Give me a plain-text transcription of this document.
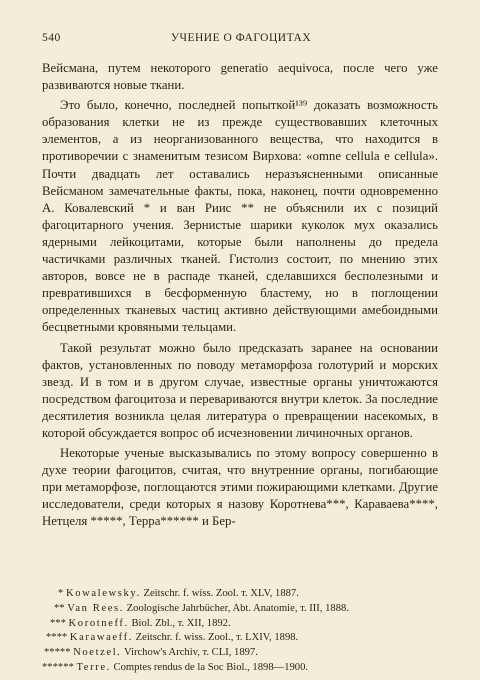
540	УЧЕНИЕ О ФАГОЦИТАХ

Вейсмана, путем некоторого generatio aequivoca, после чего уже развиваются новые ткани.

Это было, конечно, последней попыткой¹³⁹ доказать возможность образования клетки не из прежде существовавших клеточных элементов, а из неорганизованного вещества, что находится в противоречии с знаменитым тезисом Вирхова: «omne cellula e cellula». Почти двадцать лет оставались неразъясненными описанные Вейсманом замечательные факты, пока, наконец, почти одновременно А. Ковалевский * и ван Риис ** не объяснили их с позиций фагоцитарного учения. Зернистые шарики куколок мух оказались ядерными лейкоцитами, которые были наполнены до предела частичками различных тканей. Гистолиз состоит, по мнению этих авторов, вовсе не в распаде тканей, сделавшихся бесполезными и превратившихся в бесформенную бластему, но в поглощении определенных тканевых частиц активно действующими амебоидными бесцветными кровяными тельцами.

Такой результат можно было предсказать заранее на основании фактов, установленных по поводу метаморфоза голотурий и морских звезд. И в том и в другом случае, известные органы уничтожаются посредством фагоцитоза и перевариваются внутри клеток. За последние десятилетия возникла целая литература о превращении насекомых, в которой обсуждается вопрос об исчезновении личиночных органов.

Некоторые ученые высказывались по этому вопросу совершенно в духе теории фагоцитов, считая, что внутренние органы, погибающие при метаморфозе, поглощаются этими пожирающими клетками. Другие исследователи, среди которых я назову Коротнева***, Караваева****, Нетцеля *****, Терра****** и Бер-

* Kowalewsky. Zeitschr. f. wiss. Zool. т. XLV, 1887.
** Van Rees. Zoologische Jahrbücher, Abt. Anatomie, т. III, 1888.
*** Korotneff. Biol. Zbl., т. XII, 1892.
**** Karawaeff. Zeitschr. f. wiss. Zool., т. LXIV, 1898.
***** Noetzel. Virchow's Archiv, т. CLI, 1897.
****** Terre. Comptes rendus de la Soc Biol., 1898—1900.
